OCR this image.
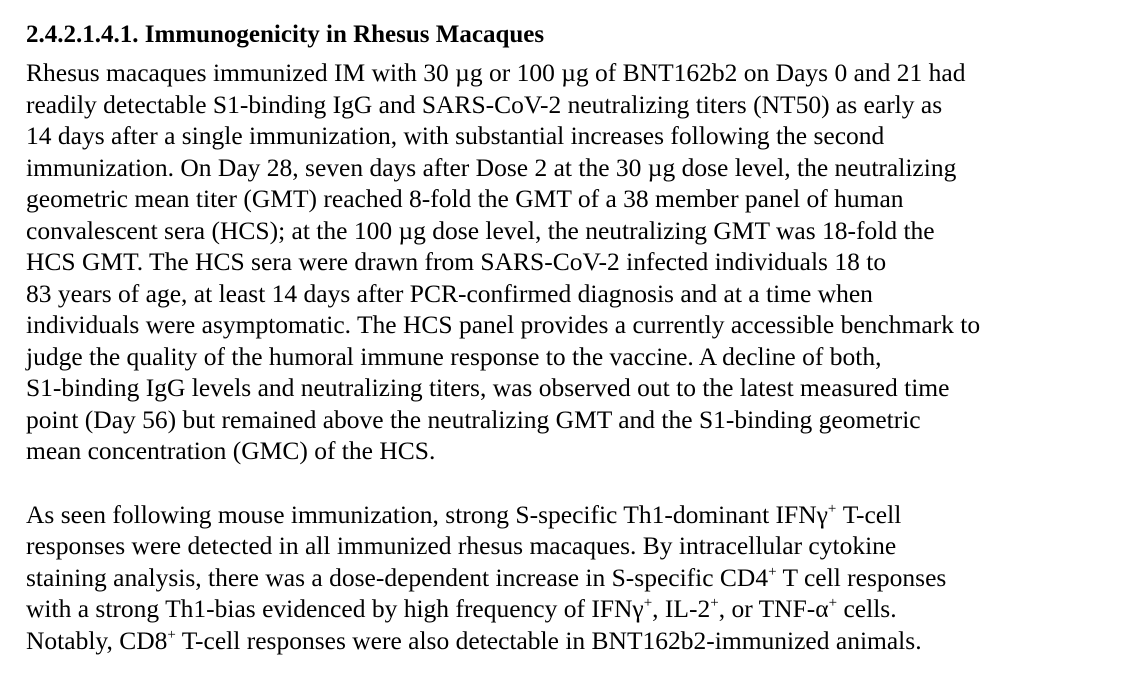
2.4.2.1.4.1. Immunogenicity in Rhesus Macaques

Rhesus macaques immunized IM with 30 µg or 100 µg of BNT162b2 on Days 0 and 21 had
readily detectable S1-binding IgG and SARS-CoV-2 neutralizing titers (NT50) as early as
14 days after a single immunization, with substantial increases following the second
immunization. On Day 28, seven days after Dose 2 at the 30 µg dose level, the neutralizing
geometric mean titer (GMT) reached 8-fold the GMT of a 38 member panel of human
convalescent sera (HCS); at the 100 µg dose level, the neutralizing GMT was 18-fold the
HCS GMT. The HCS sera were drawn from SARS-CoV-2 infected individuals 18 to
83 years of age, at least 14 days after PCR-confirmed diagnosis and at a time when
individuals were asymptomatic. The HCS panel provides a currently accessible benchmark to
judge the quality of the humoral immune response to the vaccine. A decline of both,
S1-binding IgG levels and neutralizing titers, was observed out to the latest measured time
point (Day 56) but remained above the neutralizing GMT and the S1-binding geometric
mean concentration (GMC) of the HCS.

As seen following mouse immunization, strong S-specific Th1-dominant IFNγ+ T-cell
responses were detected in all immunized rhesus macaques. By intracellular cytokine
staining analysis, there was a dose-dependent increase in S-specific CD4+ T cell responses
with a strong Th1-bias evidenced by high frequency of IFNγ+, IL-2+, or TNF-α+ cells.
Notably, CD8+ T-cell responses were also detectable in BNT162b2-immunized animals.
